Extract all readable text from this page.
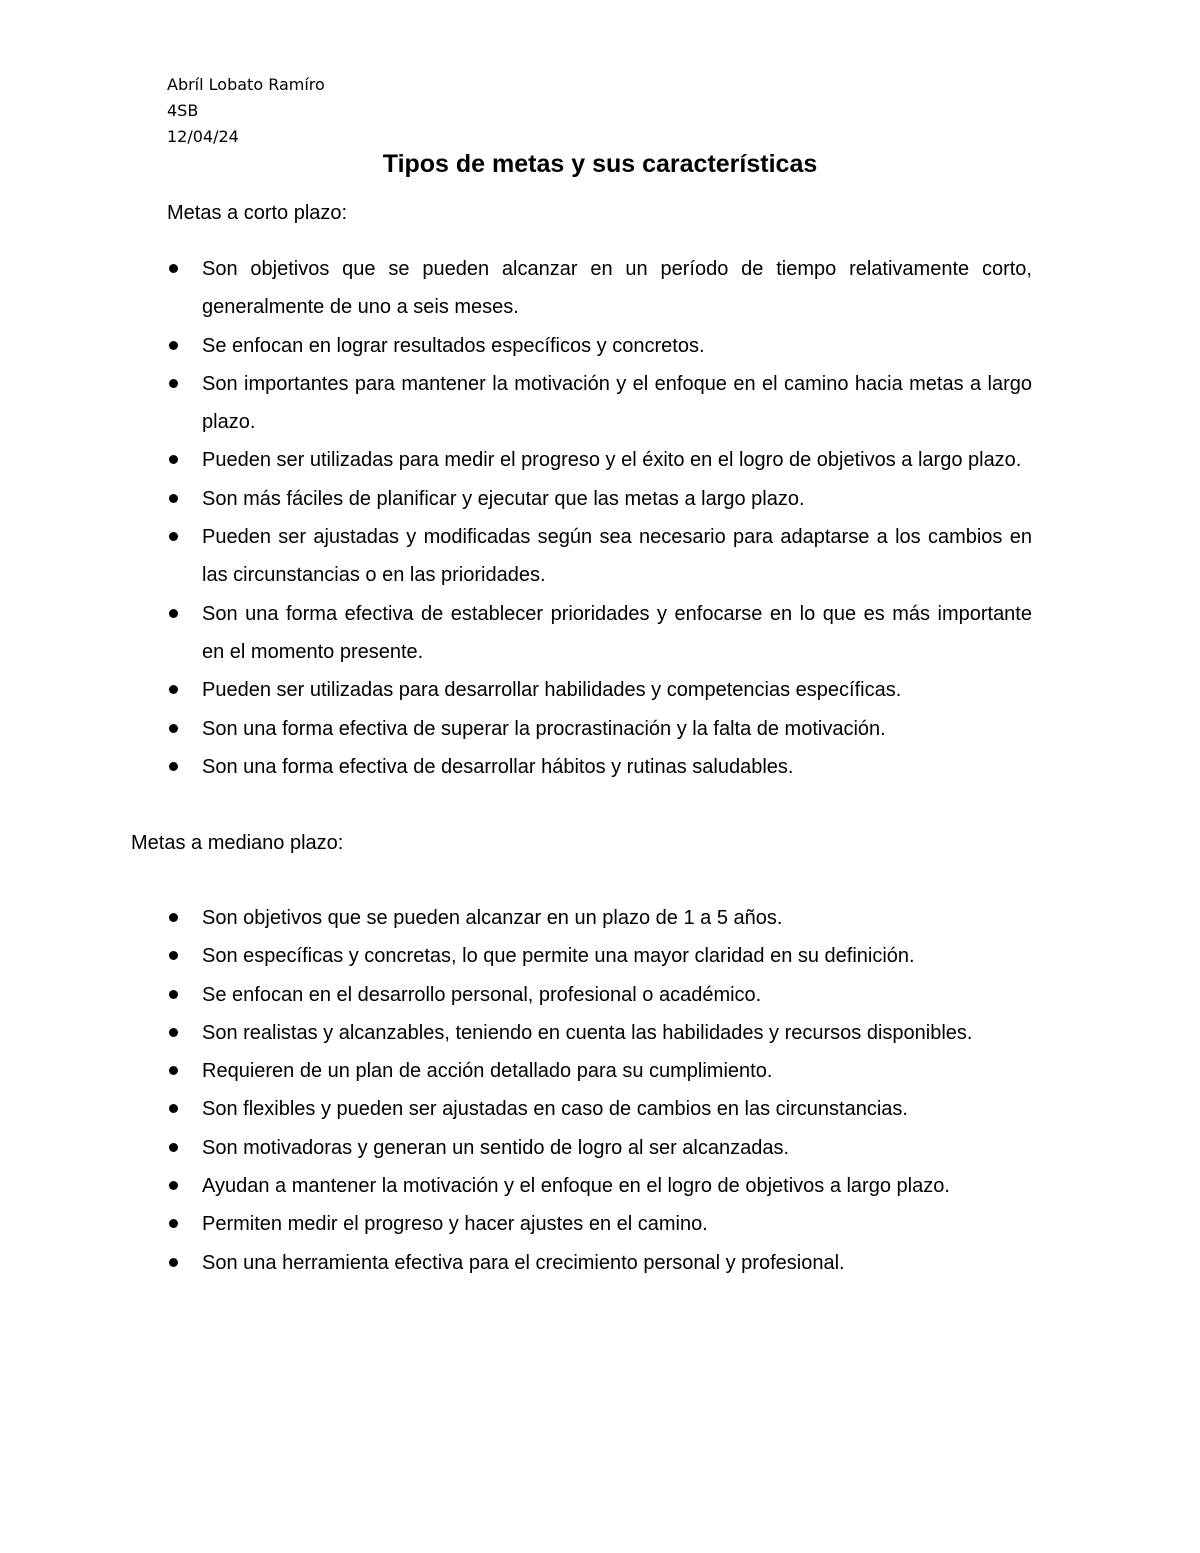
Abríl Lobato Ramíro
4SB
12/04/24
Tipos de metas y sus características
Metas a corto plazo:
Son objetivos que se pueden alcanzar en un período de tiempo relativamente corto, generalmente de uno a seis meses.
Se enfocan en lograr resultados específicos y concretos.
Son importantes para mantener la motivación y el enfoque en el camino hacia metas a largo plazo.
Pueden ser utilizadas para medir el progreso y el éxito en el logro de objetivos a largo plazo.
Son más fáciles de planificar y ejecutar que las metas a largo plazo.
Pueden ser ajustadas y modificadas según sea necesario para adaptarse a los cambios en las circunstancias o en las prioridades.
Son una forma efectiva de establecer prioridades y enfocarse en lo que es más importante en el momento presente.
Pueden ser utilizadas para desarrollar habilidades y competencias específicas.
Son una forma efectiva de superar la procrastinación y la falta de motivación.
Son una forma efectiva de desarrollar hábitos y rutinas saludables.
Metas a mediano plazo:
Son objetivos que se pueden alcanzar en un plazo de 1 a 5 años.
Son específicas y concretas, lo que permite una mayor claridad en su definición.
Se enfocan en el desarrollo personal, profesional o académico.
Son realistas y alcanzables, teniendo en cuenta las habilidades y recursos disponibles.
Requieren de un plan de acción detallado para su cumplimiento.
Son flexibles y pueden ser ajustadas en caso de cambios en las circunstancias.
Son motivadoras y generan un sentido de logro al ser alcanzadas.
Ayudan a mantener la motivación y el enfoque en el logro de objetivos a largo plazo.
Permiten medir el progreso y hacer ajustes en el camino.
Son una herramienta efectiva para el crecimiento personal y profesional.
